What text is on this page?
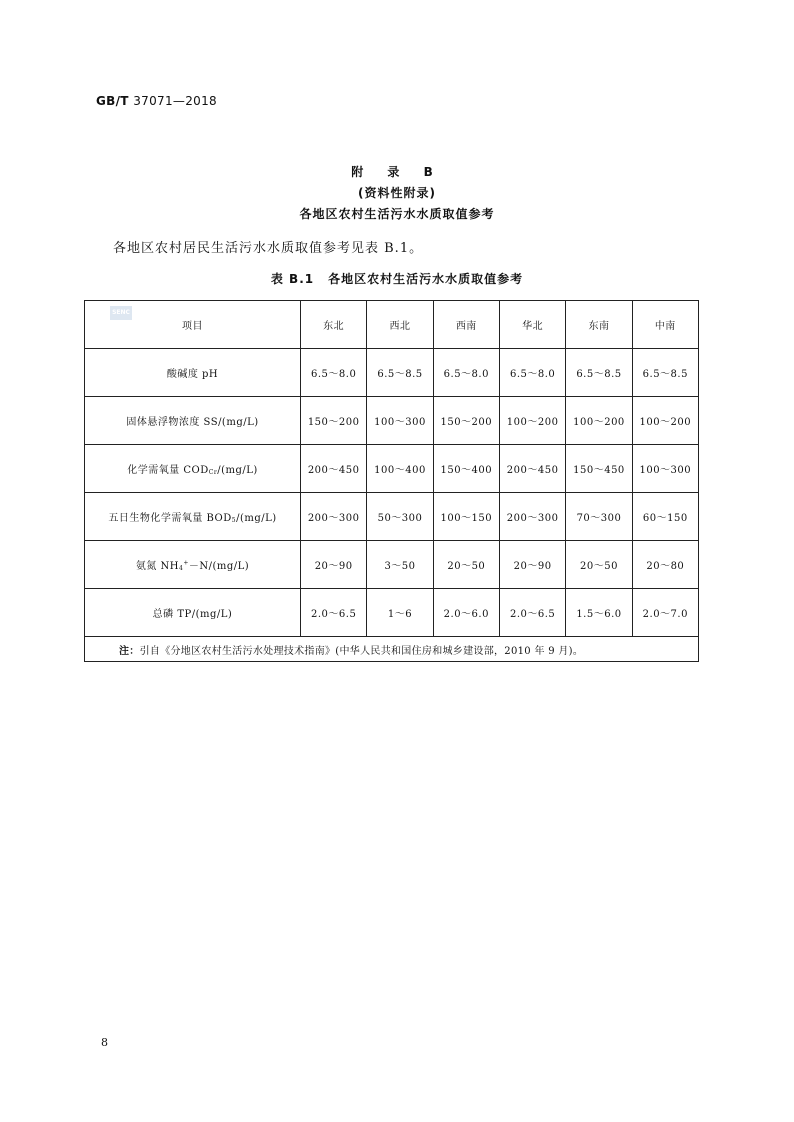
GB/T 37071—2018
附 录 B
(资料性附录)
各地区农村生活污水水质取值参考
各地区农村居民生活污水水质取值参考见表 B.1。
表 B.1 各地区农村生活污水水质取值参考
项目	东北	西北	西南	华北	东南	中南
酸碱度 pH	6.5～8.0	6.5～8.5	6.5～8.0	6.5～8.0	6.5～8.5	6.5～8.5
固体悬浮物浓度 SS/(mg/L)	150～200	100～300	150～200	100～200	100～200	100～200
化学需氧量 $COD_{Cr}/(mg/L)$	200～450	100～400	150～400	200～450	150～450	100～300
五日生物化学需氧量 $BOD_5/(mg/L)$	200～300	50～300	100～150	200～300	70～300	60～150
氨氮 $NH_4^+-N/(mg/L)$	20～90	3～50	20～50	20～90	20～50	20～80
总磷 TP/(mg/L)	2.0～6.5	1～6	2.0～6.0	2.0～6.5	1.5～6.0	2.0～7.0
注：引自《分地区农村生活污水处理技术指南》(中华人民共和国住房和城乡建设部，2010 年 9 月)。						
SENC
8
